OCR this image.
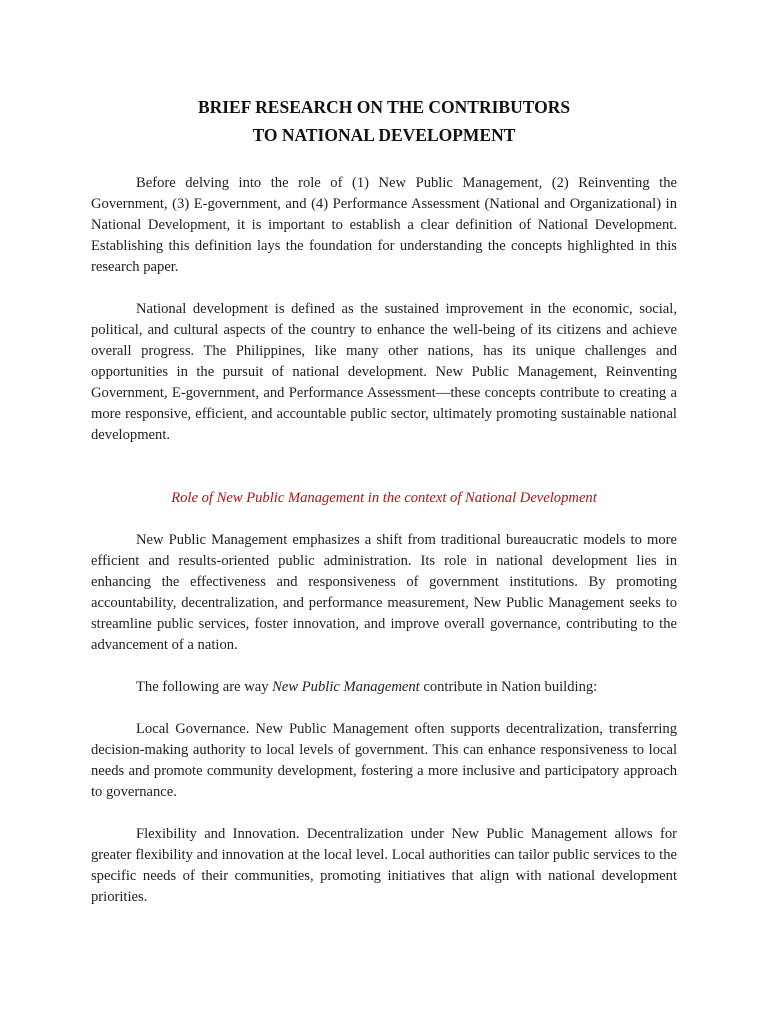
BRIEF RESEARCH ON THE CONTRIBUTORS
TO NATIONAL DEVELOPMENT

Before delving into the role of (1) New Public Management, (2) Reinventing the Government, (3) E-government, and (4) Performance Assessment (National and Organizational) in National Development, it is important to establish a clear definition of National Development. Establishing this definition lays the foundation for understanding the concepts highlighted in this research paper.

National development is defined as the sustained improvement in the economic, social, political, and cultural aspects of the country to enhance the well-being of its citizens and achieve overall progress. The Philippines, like many other nations, has its unique challenges and opportunities in the pursuit of national development. New Public Management, Reinventing Government, E-government, and Performance Assessment—these concepts contribute to creating a more responsive, efficient, and accountable public sector, ultimately promoting sustainable national development.

Role of New Public Management in the context of National Development

New Public Management emphasizes a shift from traditional bureaucratic models to more efficient and results-oriented public administration. Its role in national development lies in enhancing the effectiveness and responsiveness of government institutions. By promoting accountability, decentralization, and performance measurement, New Public Management seeks to streamline public services, foster innovation, and improve overall governance, contributing to the advancement of a nation.

The following are way New Public Management contribute in Nation building:

Local Governance. New Public Management often supports decentralization, transferring decision-making authority to local levels of government. This can enhance responsiveness to local needs and promote community development, fostering a more inclusive and participatory approach to governance.

Flexibility and Innovation. Decentralization under New Public Management allows for greater flexibility and innovation at the local level. Local authorities can tailor public services to the specific needs of their communities, promoting initiatives that align with national development priorities.
